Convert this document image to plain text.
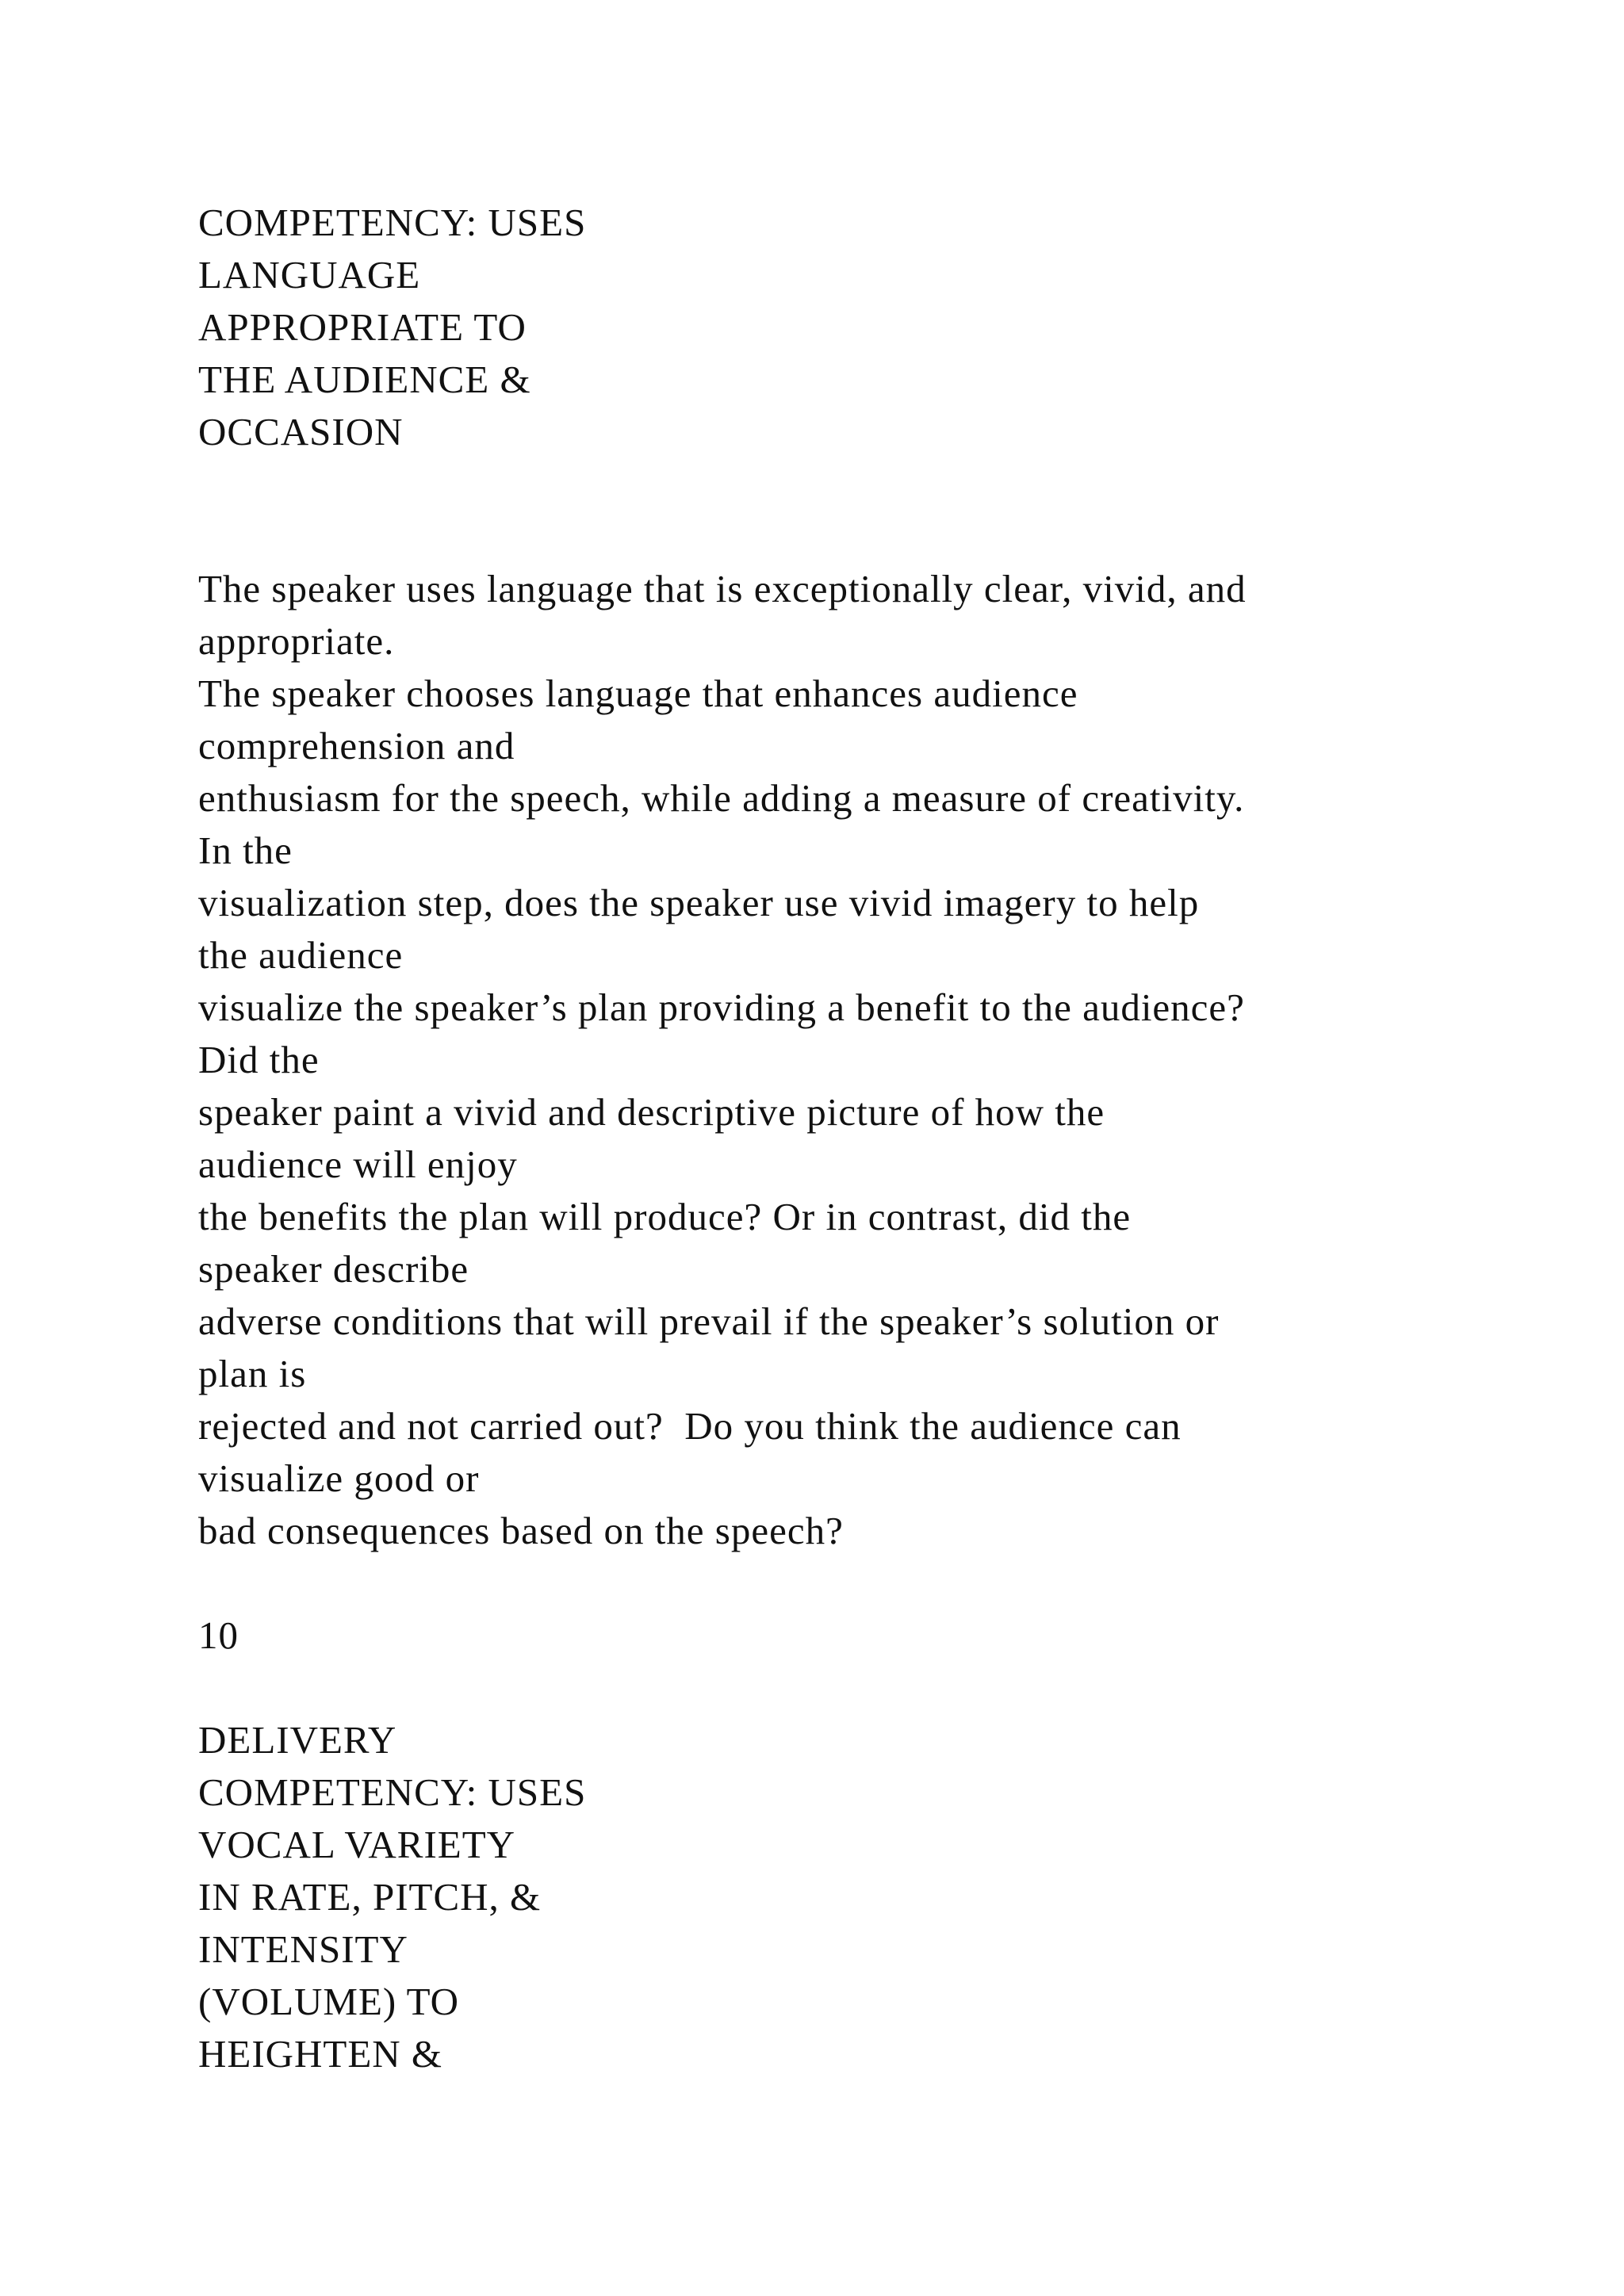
COMPETENCY: USES
LANGUAGE
APPROPRIATE TO
THE AUDIENCE &
OCCASION
The speaker uses language that is exceptionally clear, vivid, and
appropriate.
The speaker chooses language that enhances audience
comprehension and
enthusiasm for the speech, while adding a measure of creativity.
In the
visualization step, does the speaker use vivid imagery to help
the audience
visualize the speaker’s plan providing a benefit to the audience?
Did the
speaker paint a vivid and descriptive picture of how the
audience will enjoy
the benefits the plan will produce? Or in contrast, did the
speaker describe
adverse conditions that will prevail if the speaker’s solution or
plan is
rejected and not carried out?  Do you think the audience can
visualize good or
bad consequences based on the speech?
10
DELIVERY
COMPETENCY: USES
VOCAL VARIETY
IN RATE, PITCH, &
INTENSITY
(VOLUME) TO
HEIGHTEN &
